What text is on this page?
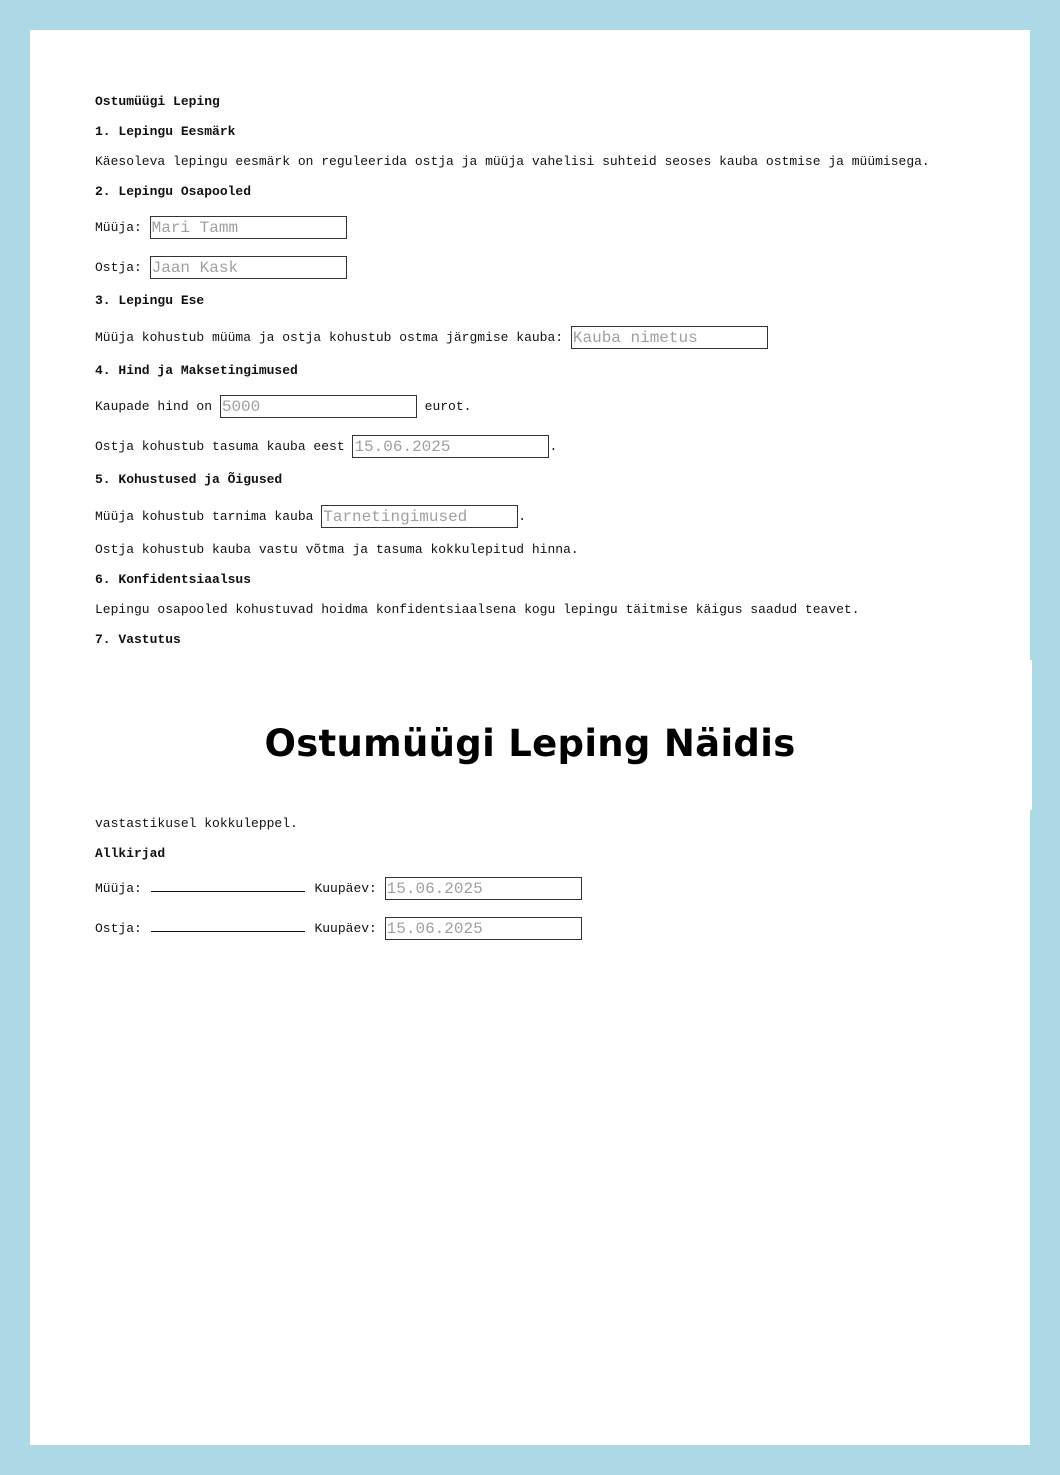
Ostumüügi Leping
1. Lepingu Eesmärk
Käesoleva lepingu eesmärk on reguleerida ostja ja müüja vahelisi suhteid seoses kauba ostmise ja müümisega.
2. Lepingu Osapooled
Müüja: Mari Tamm
Ostja: Jaan Kask
3. Lepingu Ese
Müüja kohustub müüma ja ostja kohustub ostma järgmise kauba: Kauba nimetus
4. Hind ja Maksetingimused
Kaupade hind on 5000	eurot.
Ostja kohustub tasuma kauba eest 15.06.2025	.
5. Kohustused ja Õigused
Müüja kohustub tarnima kauba Tarnetingimused	.
Ostja kohustub kauba vastu võtma ja tasuma kokkulepitud hinna.
6. Konfidentsiaalsus
Lepingu osapooled kohustuvad hoidma konfidentsiaalsena kogu lepingu täitmise käigus saadud teavet.
7. Vastutus
Ostumüügi Leping Näidis
vastastikusel kokkuleppel.
Allkirjad
Müüja:	Kuupäev: 15.06.2025
Ostja:	Kuupäev: 15.06.2025
